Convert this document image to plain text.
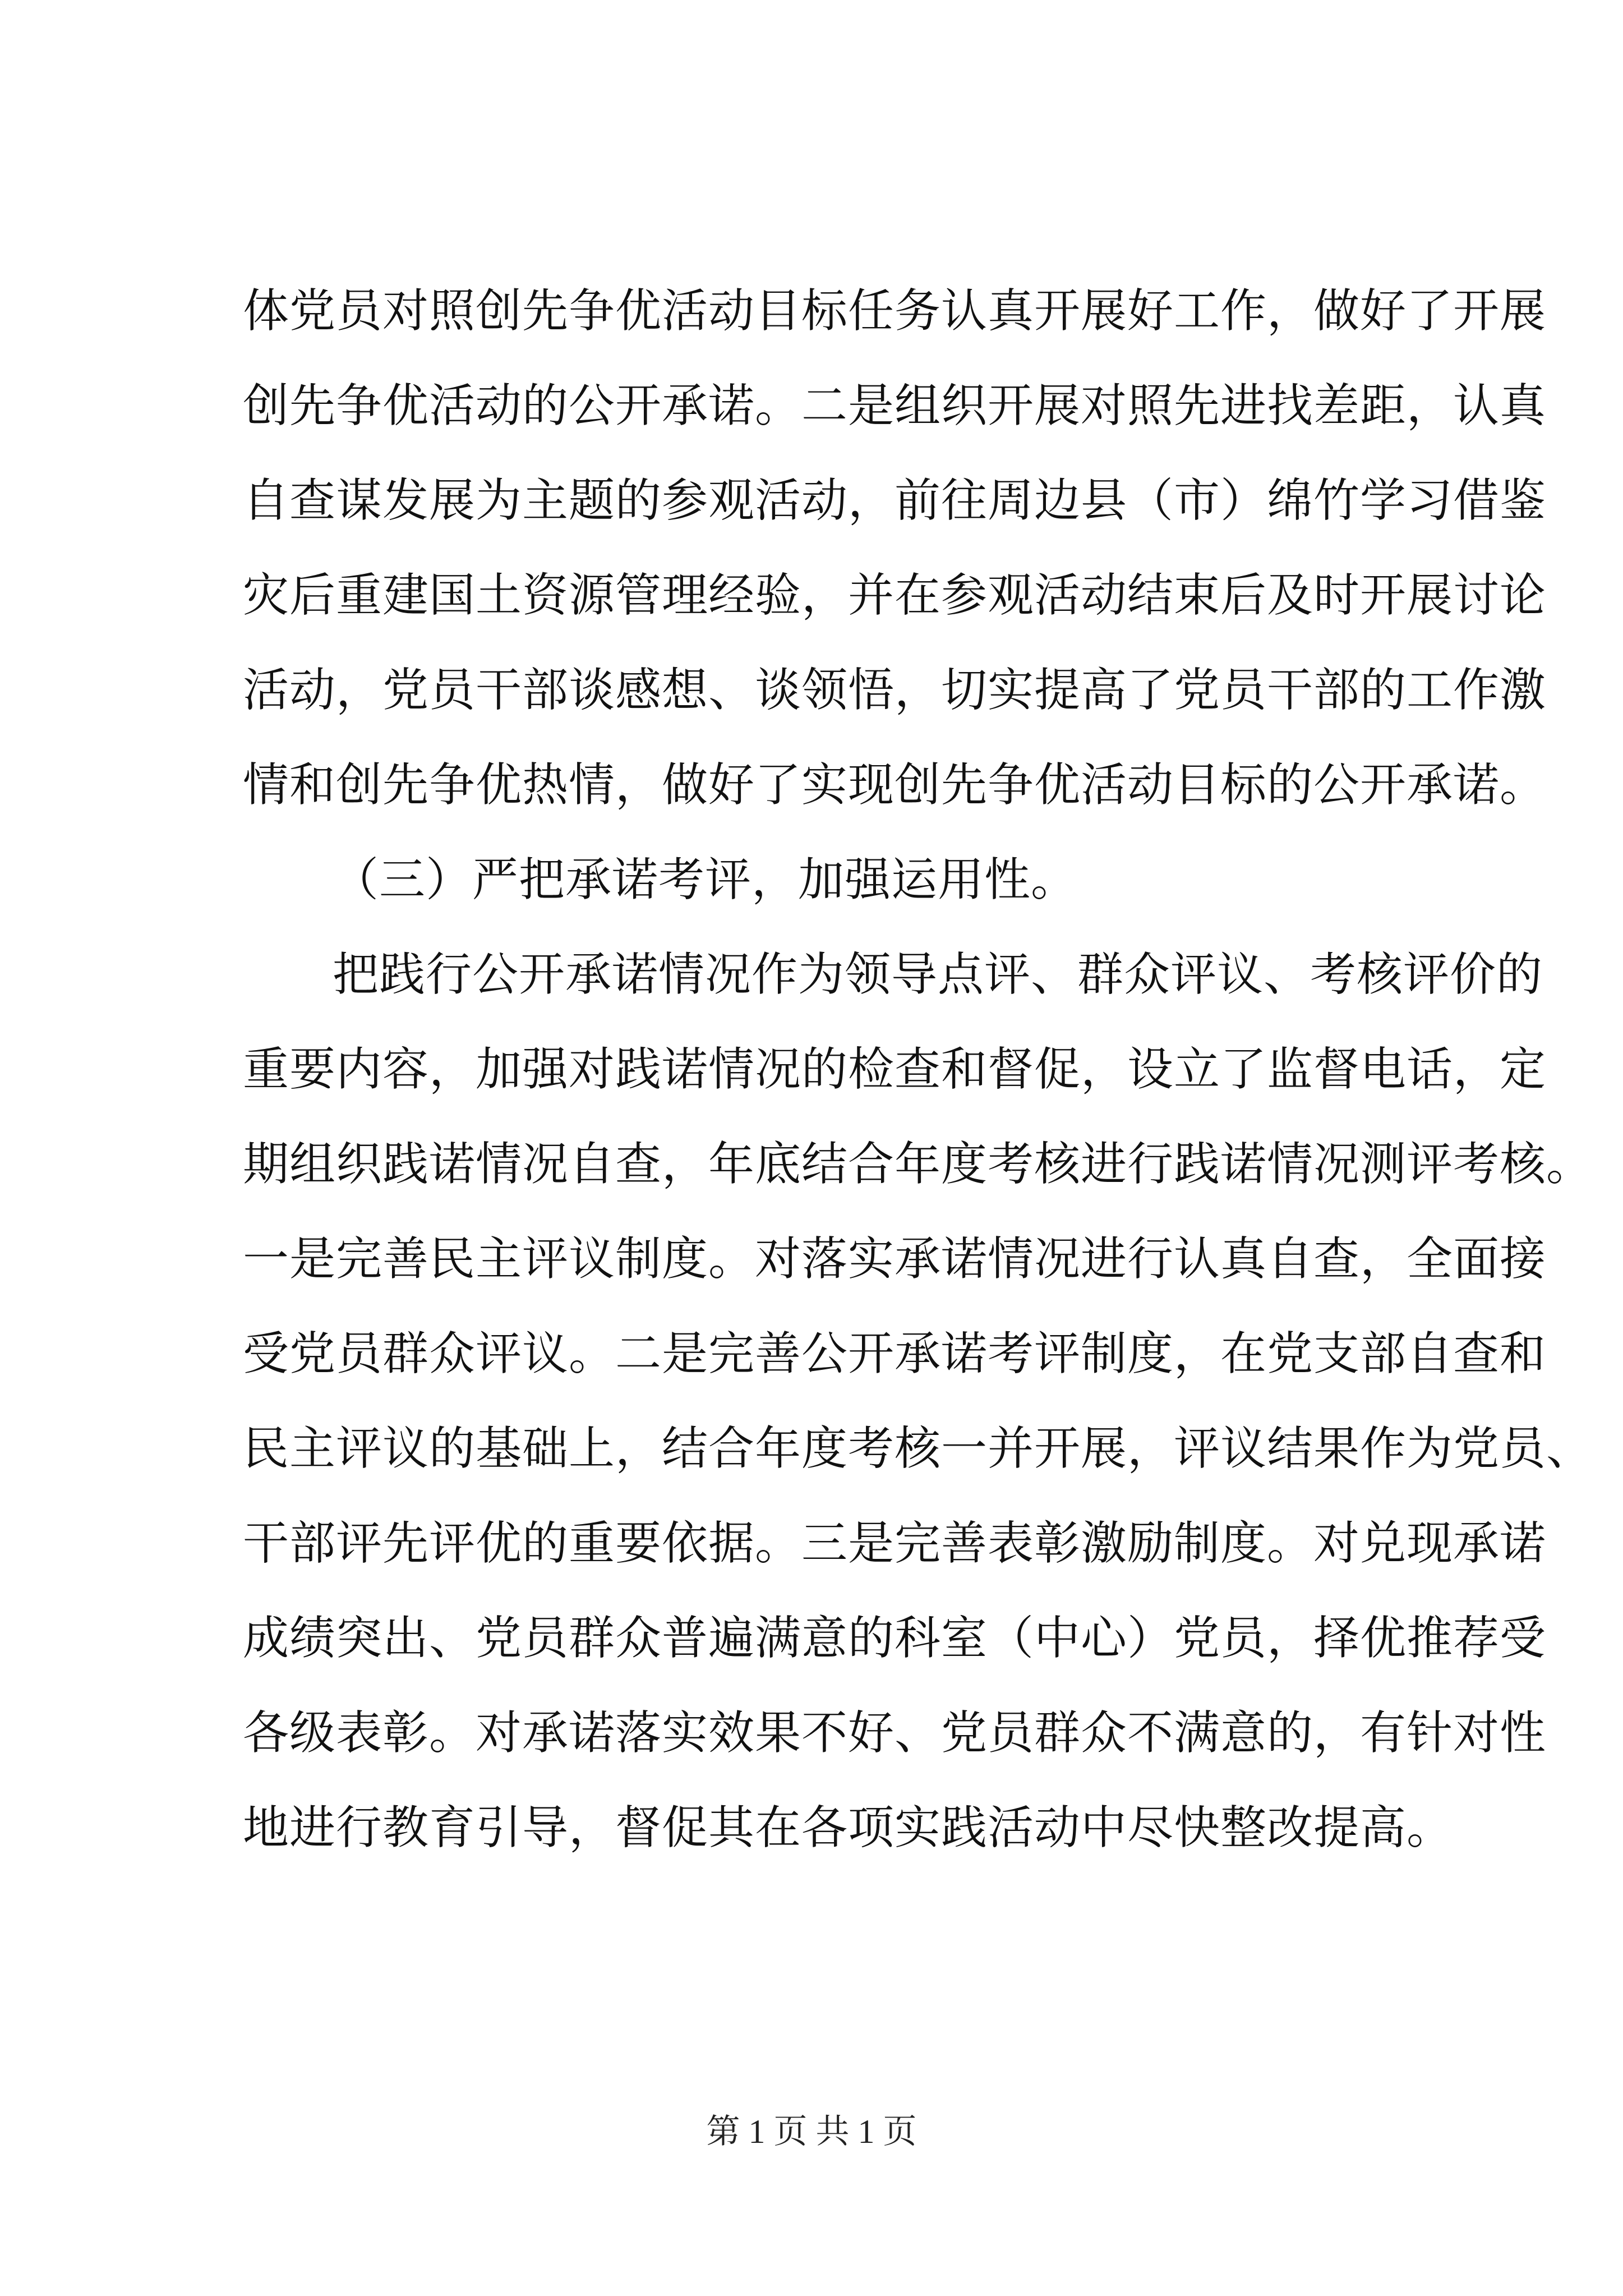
体党员对照创先争优活动目标任务认真开展好工作，做好了开展
创先争优活动的公开承诺。二是组织开展对照先进找差距，认真
自查谋发展为主题的参观活动，前往周边县（市）绵竹学习借鉴
灾后重建国土资源管理经验，并在参观活动结束后及时开展讨论
活动，党员干部谈感想、谈领悟，切实提高了党员干部的工作激
情和创先争优热情，做好了实现创先争优活动目标的公开承诺。
（三）严把承诺考评，加强运用性。
把践行公开承诺情况作为领导点评、群众评议、考核评价的
重要内容，加强对践诺情况的检查和督促，设立了监督电话，定
期组织践诺情况自查，年底结合年度考核进行践诺情况测评考核。
一是完善民主评议制度。对落实承诺情况进行认真自查，全面接
受党员群众评议。二是完善公开承诺考评制度，在党支部自查和
民主评议的基础上，结合年度考核一并开展，评议结果作为党员、
干部评先评优的重要依据。三是完善表彰激励制度。对兑现承诺
成绩突出、党员群众普遍满意的科室（中心）党员，择优推荐受
各级表彰。对承诺落实效果不好、党员群众不满意的，有针对性
地进行教育引导，督促其在各项实践活动中尽快整改提高。
第 1 页 共 1 页
